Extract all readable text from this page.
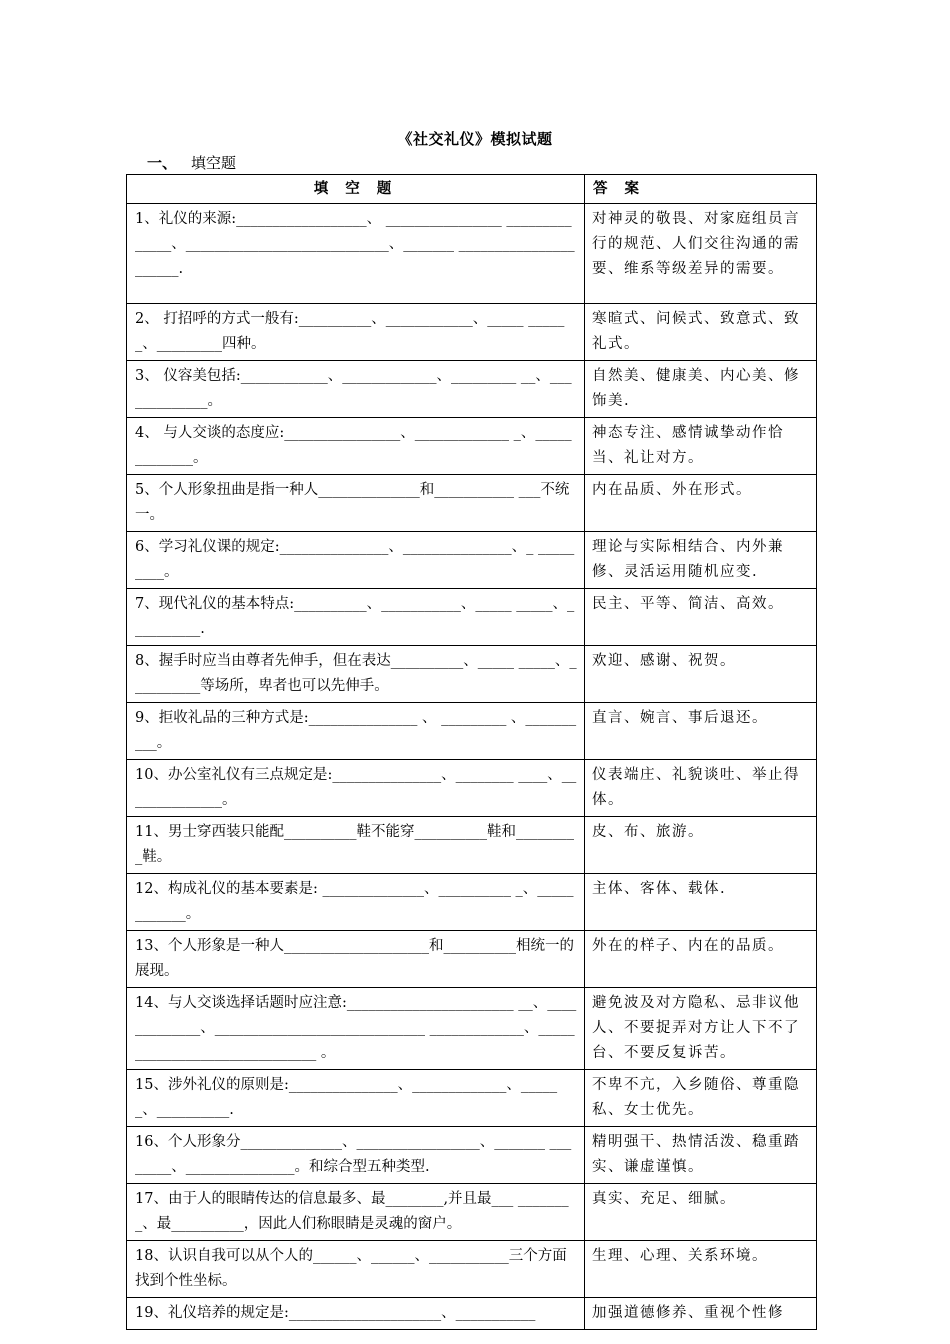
《社交礼仪》模拟试题
一、 填空题
填 空 题	答 案
1、礼仪的来源:__________________、 ________________ ______________、____________________________、_______ ______________________.	对神灵的敬畏、对家庭组员言行的规范、人们交往沟通的需要、维系等级差异的需要。
2、 打招呼的方式一般有:__________、____________、_____ ______、_________四种。	寒暄式、问候式、致意式、致礼式。
3、 仪容美包括:____________、_____________、_________ __、_____________。	自然美、健康美、内心美、修饰美.
4、 与人交谈的态度应:________________、_____________ _、_____________。	神态专注、感情诚挚动作恰当、礼让对方。
5、个人形象扭曲是指一种人______________和___________ ___不统一。	内在品质、外在形式。
6、学习礼仪课的规定:_______________、_______________、_ _________。	理论与实际相结合、内外兼修、灵活运用随机应变.
7、现代礼仪的基本特点:__________、___________、_____ _____、__________.	民主、平等、简洁、高效。
8、握手时应当由尊者先伸手，但在表达__________、_____ _____、__________等场所，卑者也可以先伸手。	欢迎、感谢、祝贺。
9、拒收礼品的三种方式是:_______________ 、 _________ 、__________。	直言、婉言、事后退还。
10、办公室礼仪有三点规定是:_______________、________ ____、______________。	仪表端庄、礼貌谈吐、举止得体。
11、男士穿西装只能配__________鞋不能穿__________鞋和_________鞋。	皮、布、旅游。
12、构成礼仪的基本要素是: ______________、__________ _、____________。	主体、客体、载体.
13、个人形象是一种人____________________和__________相统一的展现。	外在的样子、内在的品质。
14、与人交谈选择话题时应注意:_______________________ __、_____________、_____________________________ _____________、______________________________ 。	避免波及对方隐私、忌非议他人、不要捉弄对方让人下不了台、不要反复诉苦。
15、涉外礼仪的原则是:_______________、_____________、______、__________.	不卑不亢，入乡随俗、尊重隐私、女士优先。
16、个人形象分______________、_________________、_______ ________、_______________。和综合型五种类型.	精明强干、热情活泼、稳重踏实、谦虚谨慎。
17、由于人的眼睛传达的信息最多、最________,并且最___ ________、最__________，因此人们称眼睛是灵魂的窗户。	真实、充足、细腻。
18、认识自我可以从个人的______、______、___________三个方面找到个性坐标。	生理、心理、关系环境。
19、礼仪培养的规定是:_____________________、___________	加强道德修养、重视个性修
